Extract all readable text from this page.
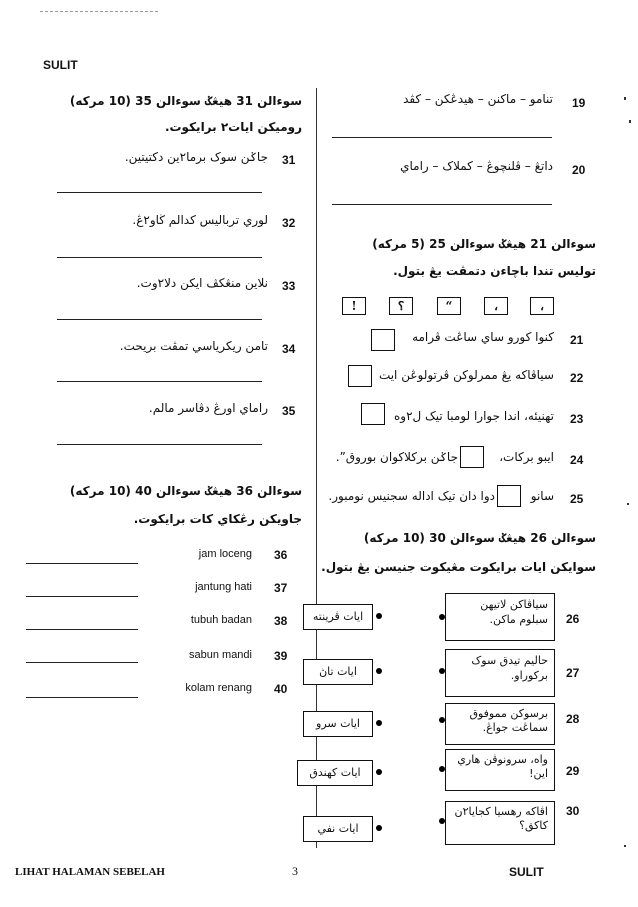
SULIT
سوءالن 31 هيڠݢ سوءالن 35 (10 مرکه)
روميکن ايات٢ برايکوت.
31
جاݢن سوک برما٢ين دکتيتين.
32
لوري ترباليس کدالم ڬاو٢ڠ.
33
نلاين منڠکڤ ايکن دلا٢وت.
34
تامن ريکرياسي تمڤت بريحت.
35
راماي اورڠ دڤاسر مالم.
سوءالن 36 هيڠݢ سوءالن 40 (10 مرکه)
جاويکن رڠکاي کات برايکوت.
jam loceng 36
jantung hati 37
tubuh badan 38
sabun mandi 39
kolam renang 40
19
تنامو – ماکنن – هيدڠکن – کڤد
20
داتڠ – ڤلنچوڠ – کملاک – راماي
سوءالن 21 هيڠݢ سوءالن 25 (5 مرکه)
توليس تندا باچاءن دتمڤت يڠ بتول.
!	؟	“	،	،
21
کنوا کورو ساي ساڠت ڤرامه
22
سياڤاکه يڠ ممرلوکن ڤرتولوڠن ايت
23
تهنيئه، اندا جوارا لومبا تيک ل٢وه
24
ايبو برکات،
جاݢن برکلاکوان بوروق”.
25
سانو
دوا دان تيک اداله سجنيس نومبور.
سوءالن 26 هيڠݢ سوءالن 30 (10 مرکه)
سوايکن ايات برايکوت مڠيکوت جنيسن يڠ بتول.
سياڤاکن لاتيهن
سبلوم ماکن.	26
حاليم تيدق سوک
برکوراو.	27
برسوکن مموفوق
سماڠت جواڠ.
28
واه، سرونوڤن هاري
اين!	29
اڤاکه رهسيا کجايا٢ن
کاکق؟
30
ايات ڤرينته
ايات تاڽ
ايات سرو
ايات کهندق
ايات نفي
LIHAT HALAMAN SEBELAH	3	SULIT
